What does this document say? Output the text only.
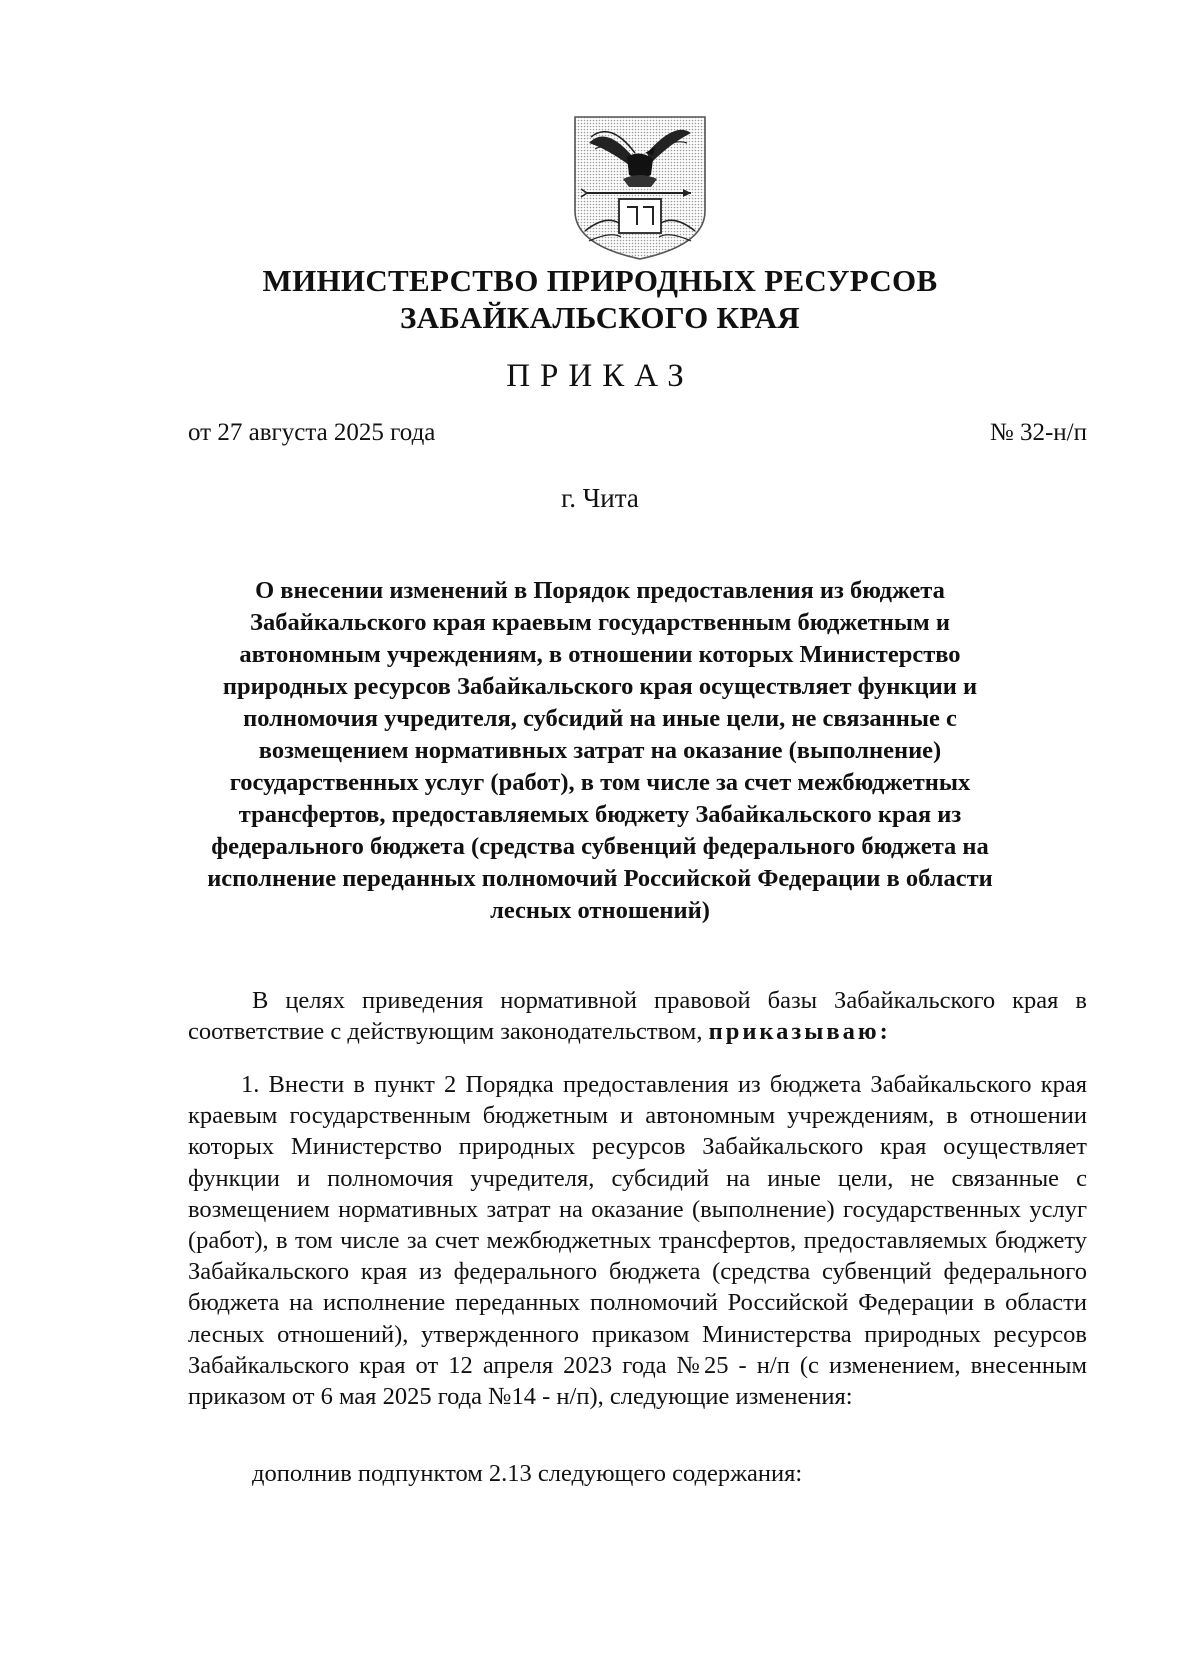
МИНИСТЕРСТВО ПРИРОДНЫХ РЕСУРСОВ
ЗАБАЙКАЛЬСКОГО КРАЯ
ПРИКАЗ
от 27 августа 2025 года	№ 32-н/п
г. Чита
О внесении изменений в Порядок предоставления из бюджета
Забайкальского края краевым государственным бюджетным и
автономным учреждениям, в отношении которых Министерство
природных ресурсов Забайкальского края осуществляет функции и
полномочия учредителя, субсидий на иные цели, не связанные с
возмещением нормативных затрат на оказание (выполнение)
государственных услуг (работ), в том числе за счет межбюджетных
трансфертов, предоставляемых бюджету Забайкальского края из
федерального бюджета (средства субвенций федерального бюджета на
исполнение переданных полномочий Российской Федерации в области
лесных отношений)
В целях приведения нормативной правовой базы Забайкальского края в соответствие с действующим законодательством, приказываю:
1. Внести в пункт 2 Порядка предоставления из бюджета Забайкальского края краевым государственным бюджетным и автономным учреждениям, в отношении которых Министерство природных ресурсов Забайкальского края осуществляет функции и полномочия учредителя, субсидий на иные цели, не связанные с возмещением нормативных затрат на оказание (выполнение) государственных услуг (работ), в том числе за счет межбюджетных трансфертов, предоставляемых бюджету Забайкальского края из федерального бюджета (средства субвенций федерального бюджета на исполнение переданных полномочий Российской Федерации в области лесных отношений), утвержденного приказом Министерства природных ресурсов Забайкальского края от 12 апреля 2023 года №25 - н/п (с изменением, внесенным приказом от 6 мая 2025 года №14 - н/п), следующие изменения:
дополнив подпунктом 2.13 следующего содержания:
